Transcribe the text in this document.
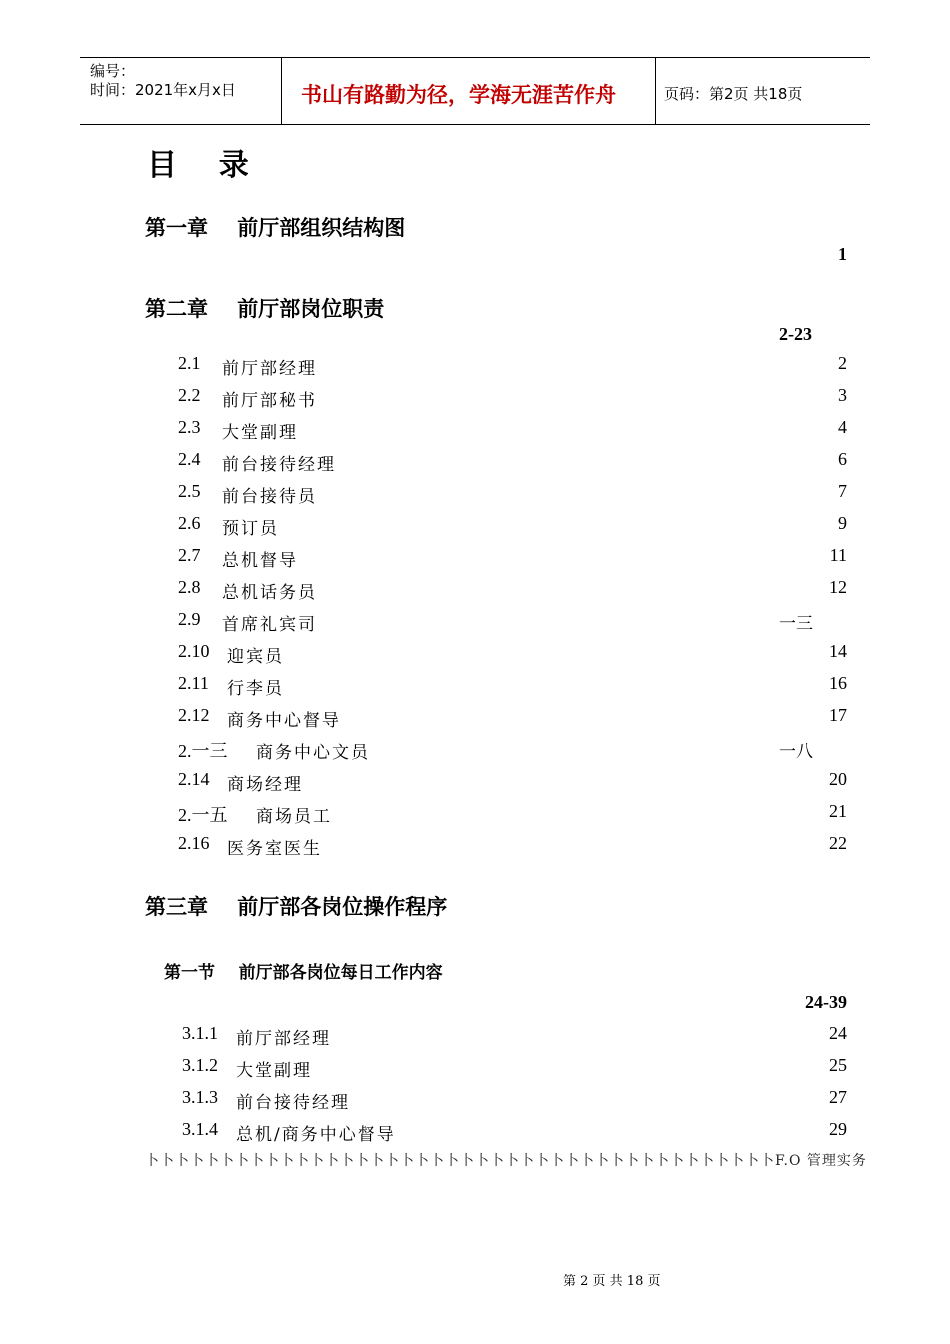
编号：
时间：2021年x月x日	书山有路勤为径，学海无涯苦作舟	页码：第2页 共18页
目    录
第一章    前厅部组织结构图
1
第二章    前厅部岗位职责
2-23
2.1 前厅部经理	2
2.2 前厅部秘书	3
2.3 大堂副理	4
2.4 前台接待经理	6
2.5 前台接待员	7
2.6 预订员	9
2.7 总机督导	11
2.8 总机话务员	12
2.9 首席礼宾司	一三
2.10 迎宾员	14
2.11 行李员	16
2.12 商务中心督导	17
2.一三 商务中心文员	一八
2.14 商场经理	20
2.一五 商场员工	21
2.16 医务室医生	22
第三章    前厅部各岗位操作程序
第一节    前厅部各岗位每日工作内容
24-39
3.1.1 前厅部经理	24
3.1.2 大堂副理	25
3.1.3 前台接待经理	27
3.1.4 总机/商务中心督导	29
卜卜卜卜卜卜卜卜卜卜卜卜卜卜卜卜卜卜卜卜卜卜卜卜卜卜卜卜卜卜卜卜卜卜卜卜卜卜卜卜卜卜F.O 管理实务
第 2 页 共 18 页
